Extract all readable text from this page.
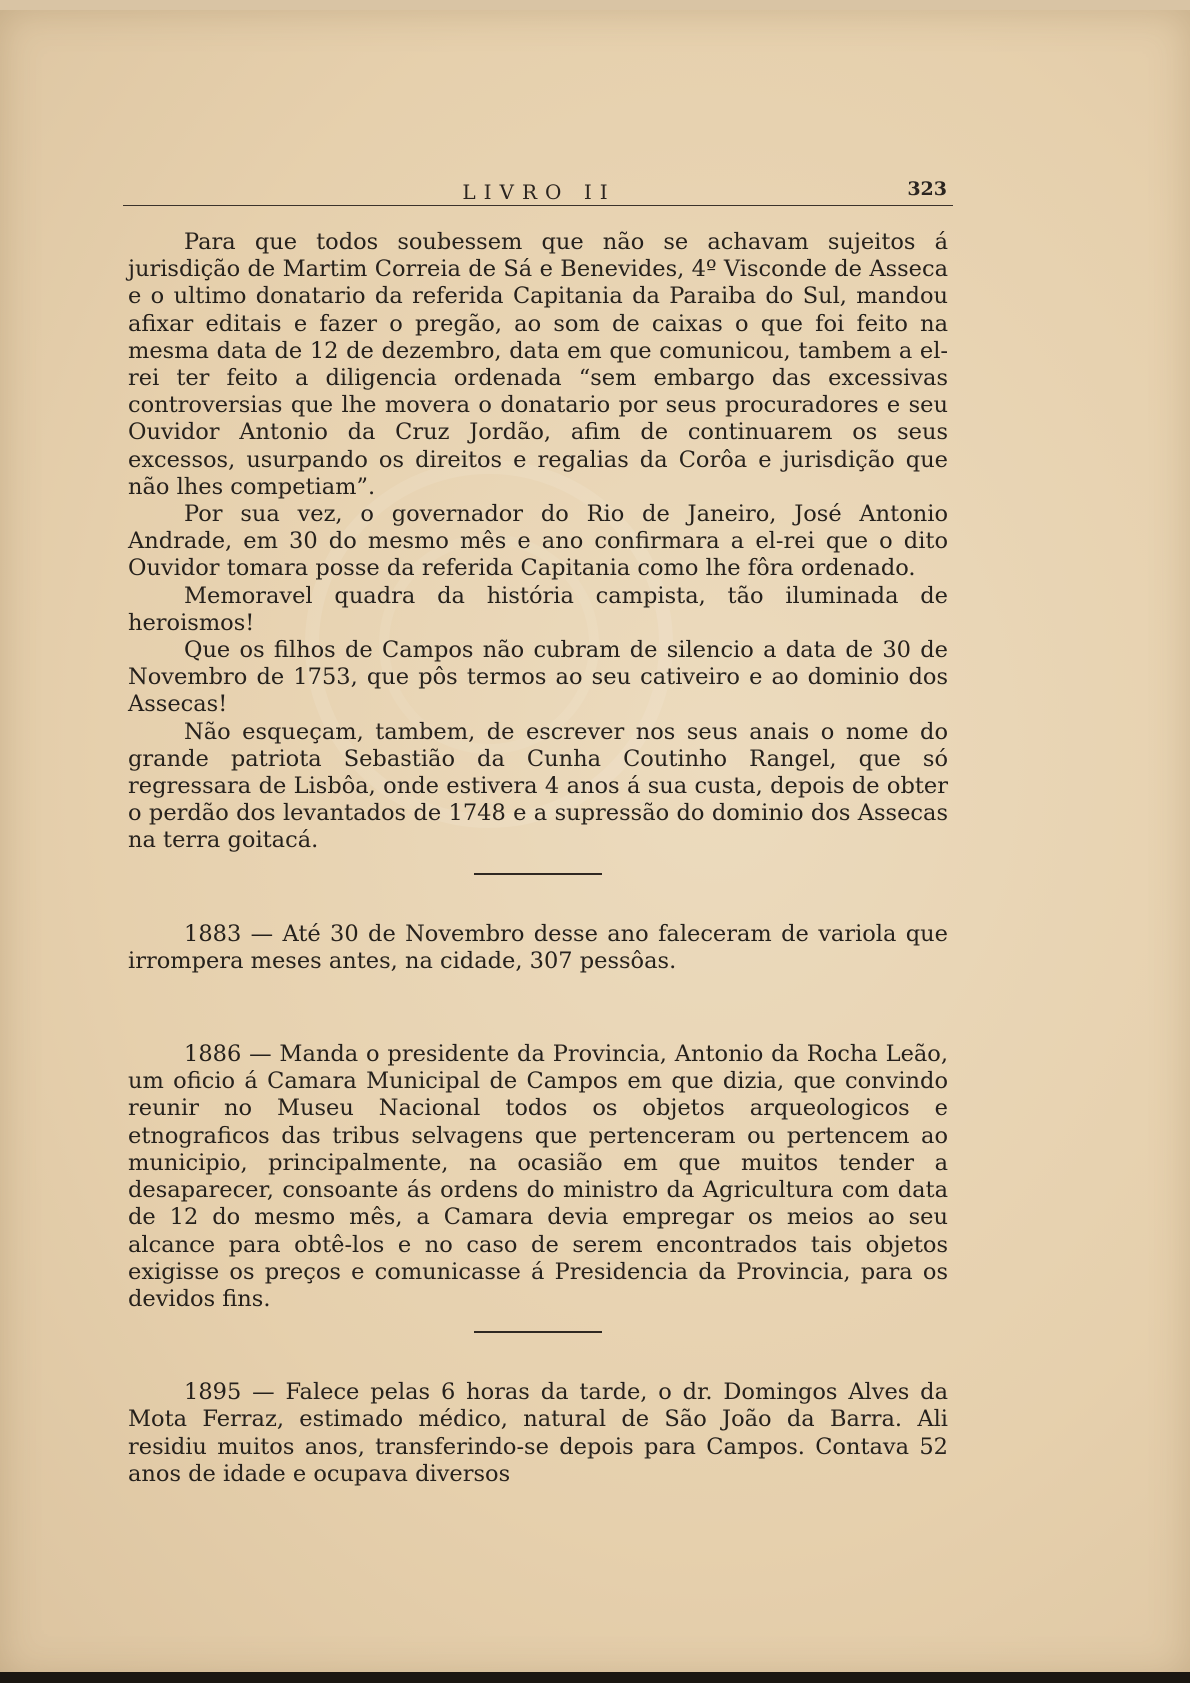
LIVRO II	323

Para que todos soubessem que não se achavam sujeitos á jurisdição de Martim Correia de Sá e Benevides, 4º Visconde de Asseca e o ultimo donatario da referida Capitania da Paraiba do Sul, mandou afixar editais e fazer o pregão, ao som de caixas o que foi feito na mesma data de 12 de dezembro, data em que comunicou, tambem a el-rei ter feito a diligencia ordenada “sem embargo das excessivas controversias que lhe movera o donatario por seus procuradores e seu Ouvidor Antonio da Cruz Jordão, afim de continuarem os seus excessos, usurpando os direitos e regalias da Corôa e jurisdição que não lhes competiam”.

Por sua vez, o governador do Rio de Janeiro, José Antonio Andrade, em 30 do mesmo mês e ano confirmara a el-rei que o dito Ouvidor tomara posse da referida Capitania como lhe fôra ordenado.

Memoravel quadra da história campista, tão iluminada de heroismos!

Que os filhos de Campos não cubram de silencio a data de 30 de Novembro de 1753, que pôs termos ao seu cativeiro e ao dominio dos Assecas!

Não esqueçam, tambem, de escrever nos seus anais o nome do grande patriota Sebastião da Cunha Coutinho Rangel, que só regressara de Lisbôa, onde estivera 4 anos á sua custa, depois de obter o perdão dos levantados de 1748 e a supressão do dominio dos Assecas na terra goitacá.

1883 — Até 30 de Novembro desse ano faleceram de variola que irrompera meses antes, na cidade, 307 pessôas.

1886 — Manda o presidente da Provincia, Antonio da Rocha Leão, um oficio á Camara Municipal de Campos em que dizia, que convindo reunir no Museu Nacional todos os objetos arqueologicos e etnograficos das tribus selvagens que pertenceram ou pertencem ao municipio, principalmente, na ocasião em que muitos tender a desaparecer, consoante ás ordens do ministro da Agricultura com data de 12 do mesmo mês, a Camara devia empregar os meios ao seu alcance para obtê-los e no caso de serem encontrados tais objetos exigisse os preços e comunicasse á Presidencia da Provincia, para os devidos fins.

1895 — Falece pelas 6 horas da tarde, o dr. Domingos Alves da Mota Ferraz, estimado médico, natural de São João da Barra. Ali residiu muitos anos, transferindo-se depois para Campos. Contava 52 anos de idade e ocupava diversos
